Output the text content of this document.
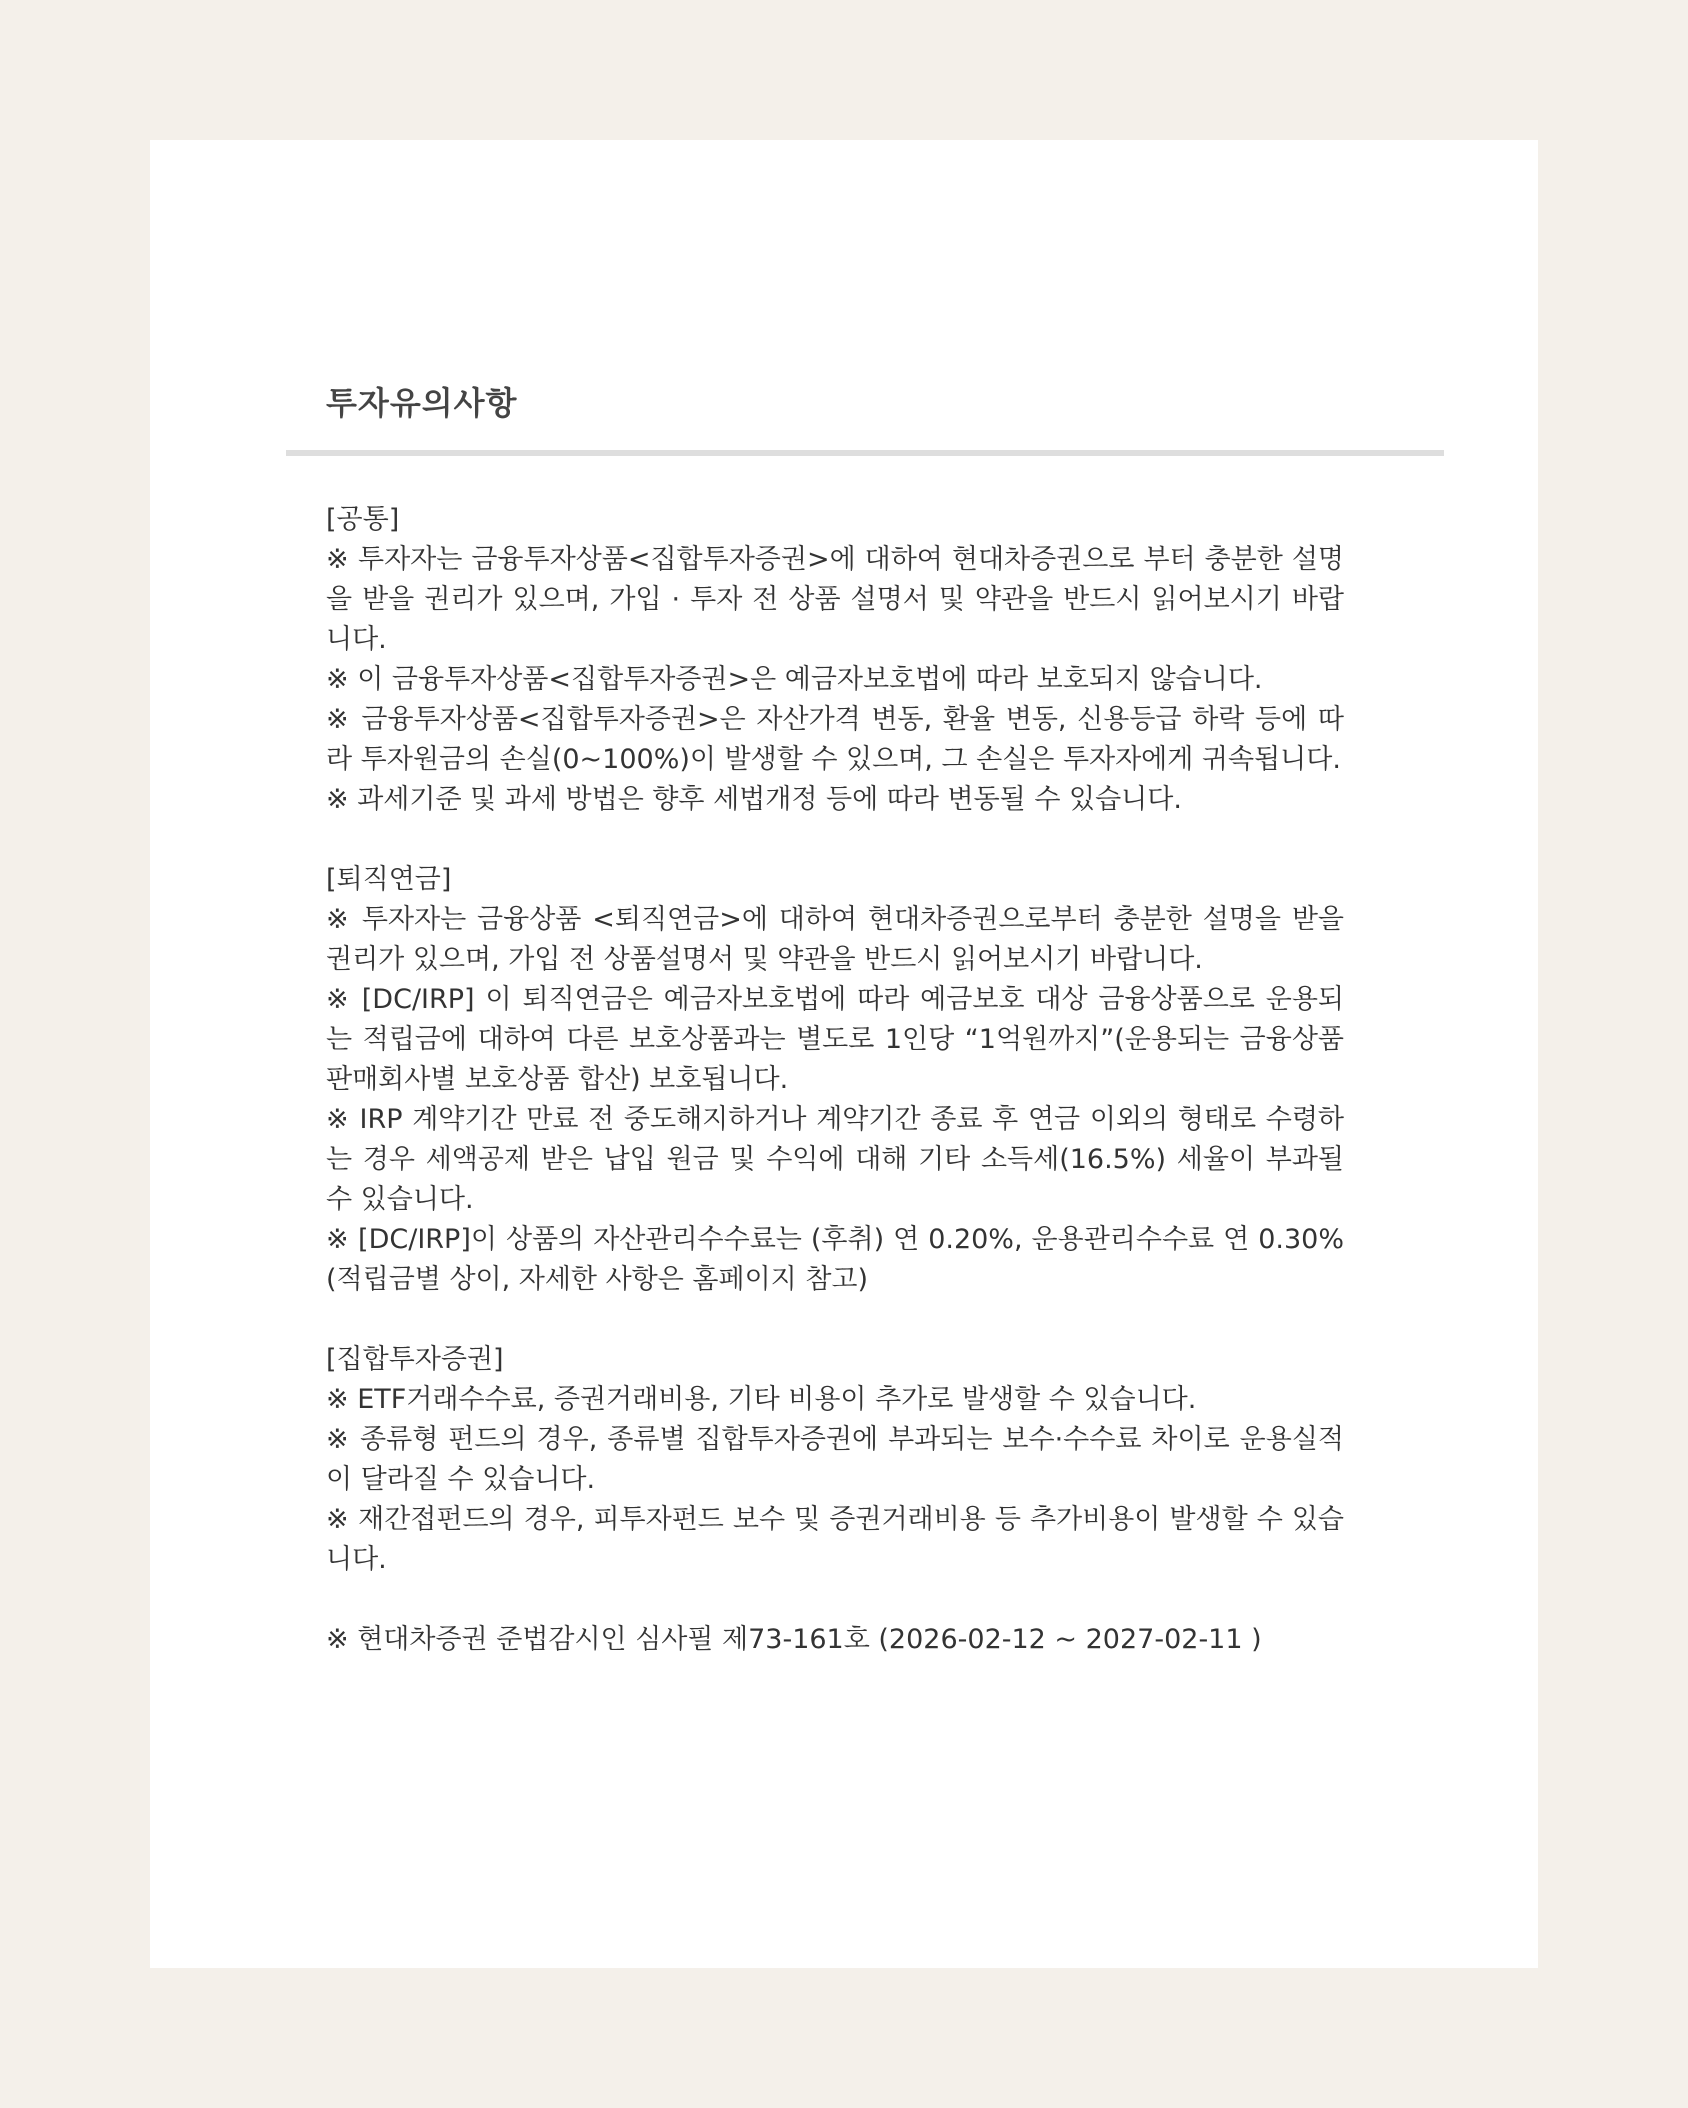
투자유의사항

[공통]

※ 투자자는 금융투자상품<집합투자증권>에 대하여 현대차증권으로 부터 충분한 설명을 받을 권리가 있으며, 가입 · 투자 전 상품 설명서 및 약관을 반드시 읽어보시기 바랍니다.

※ 이 금융투자상품<집합투자증권>은 예금자보호법에 따라 보호되지 않습니다.

※ 금융투자상품<집합투자증권>은 자산가격 변동, 환율 변동, 신용등급 하락 등에 따라 투자원금의 손실(0~100%)이 발생할 수 있으며, 그 손실은 투자자에게 귀속됩니다.

※ 과세기준 및 과세 방법은 향후 세법개정 등에 따라 변동될 수 있습니다.

[퇴직연금]

※ 투자자는 금융상품 <퇴직연금>에 대하여 현대차증권으로부터 충분한 설명을 받을 권리가 있으며, 가입 전 상품설명서 및 약관을 반드시 읽어보시기 바랍니다.

※ [DC/IRP] 이 퇴직연금은 예금자보호법에 따라 예금보호 대상 금융상품으로 운용되는 적립금에 대하여 다른 보호상품과는 별도로 1인당 “1억원까지”(운용되는 금융상품 판매회사별 보호상품 합산) 보호됩니다.

※ IRP 계약기간 만료 전 중도해지하거나 계약기간 종료 후 연금 이외의 형태로 수령하는 경우 세액공제 받은 납입 원금 및 수익에 대해 기타 소득세(16.5%) 세율이 부과될 수 있습니다.

※ [DC/IRP]이 상품의 자산관리수수료는 (후취) 연 0.20%, 운용관리수수료 연 0.30%(적립금별 상이, 자세한 사항은 홈페이지 참고)

[집합투자증권]

※ ETF거래수수료, 증권거래비용, 기타 비용이 추가로 발생할 수 있습니다.

※ 종류형 펀드의 경우, 종류별 집합투자증권에 부과되는 보수·수수료 차이로 운용실적이 달라질 수 있습니다.

※ 재간접펀드의 경우, 피투자펀드 보수 및 증권거래비용 등 추가비용이 발생할 수 있습니다.

※ 현대차증권 준법감시인 심사필 제73-161호 (2026-02-12 ~ 2027-02-11 )
